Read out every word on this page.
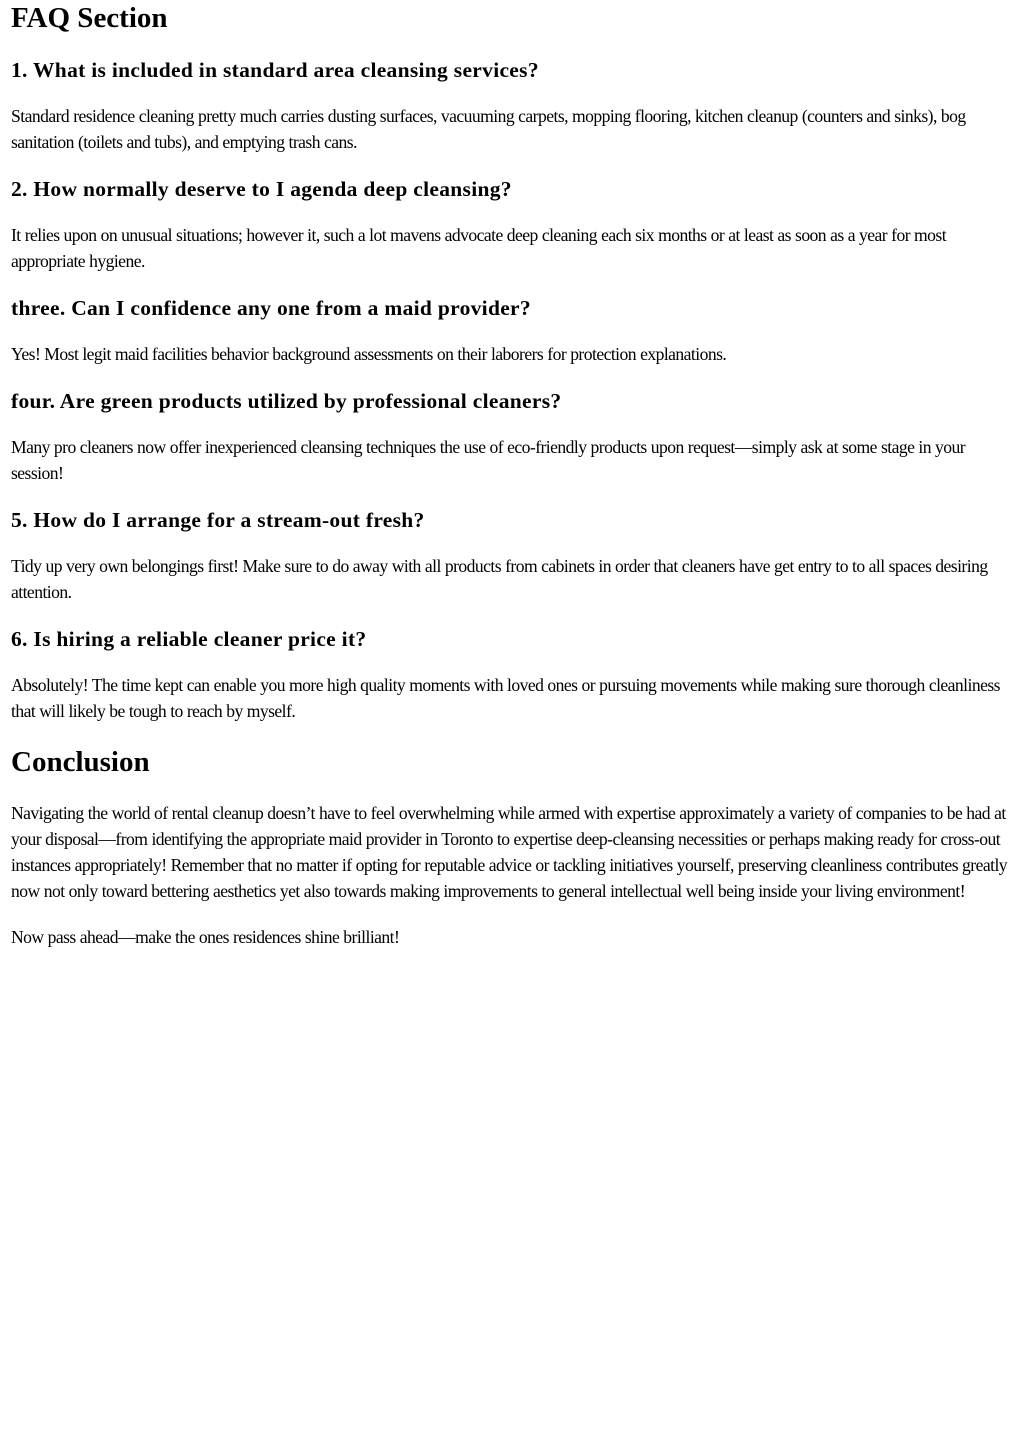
FAQ Section
1. What is included in standard area cleansing services?

Standard residence cleaning pretty much carries dusting surfaces, vacuuming carpets, mopping flooring, kitchen cleanup (counters and sinks), bog sanitation (toilets and tubs), and emptying trash cans.

2. How normally deserve to I agenda deep cleansing?

It relies upon on unusual situations; however it, such a lot mavens advocate deep cleaning each six months or at least as soon as a year for most appropriate hygiene.

three. Can I confidence any one from a maid provider?

Yes! Most legit maid facilities behavior background assessments on their laborers for protection explanations.

four. Are green products utilized by professional cleaners?

Many pro cleaners now offer inexperienced cleansing techniques the use of eco-friendly products upon request—simply ask at some stage in your session!

5. How do I arrange for a stream-out fresh?

Tidy up very own belongings first! Make sure to do away with all products from cabinets in order that cleaners have get entry to to all spaces desiring attention.

6. Is hiring a reliable cleaner price it?

Absolutely! The time kept can enable you more high quality moments with loved ones or pursuing movements while making sure thorough cleanliness that will likely be tough to reach by myself.

Conclusion

Navigating the world of rental cleanup doesn’t have to feel overwhelming while armed with expertise approximately a variety of companies to be had at your disposal—from identifying the appropriate maid provider in Toronto to expertise deep-cleansing necessities or perhaps making ready for cross-out instances appropriately! Remember that no matter if opting for reputable advice or tackling initiatives yourself, preserving cleanliness contributes greatly now not only toward bettering aesthetics yet also towards making improvements to general intellectual well being inside your living environment!

Now pass ahead—make the ones residences shine brilliant!
